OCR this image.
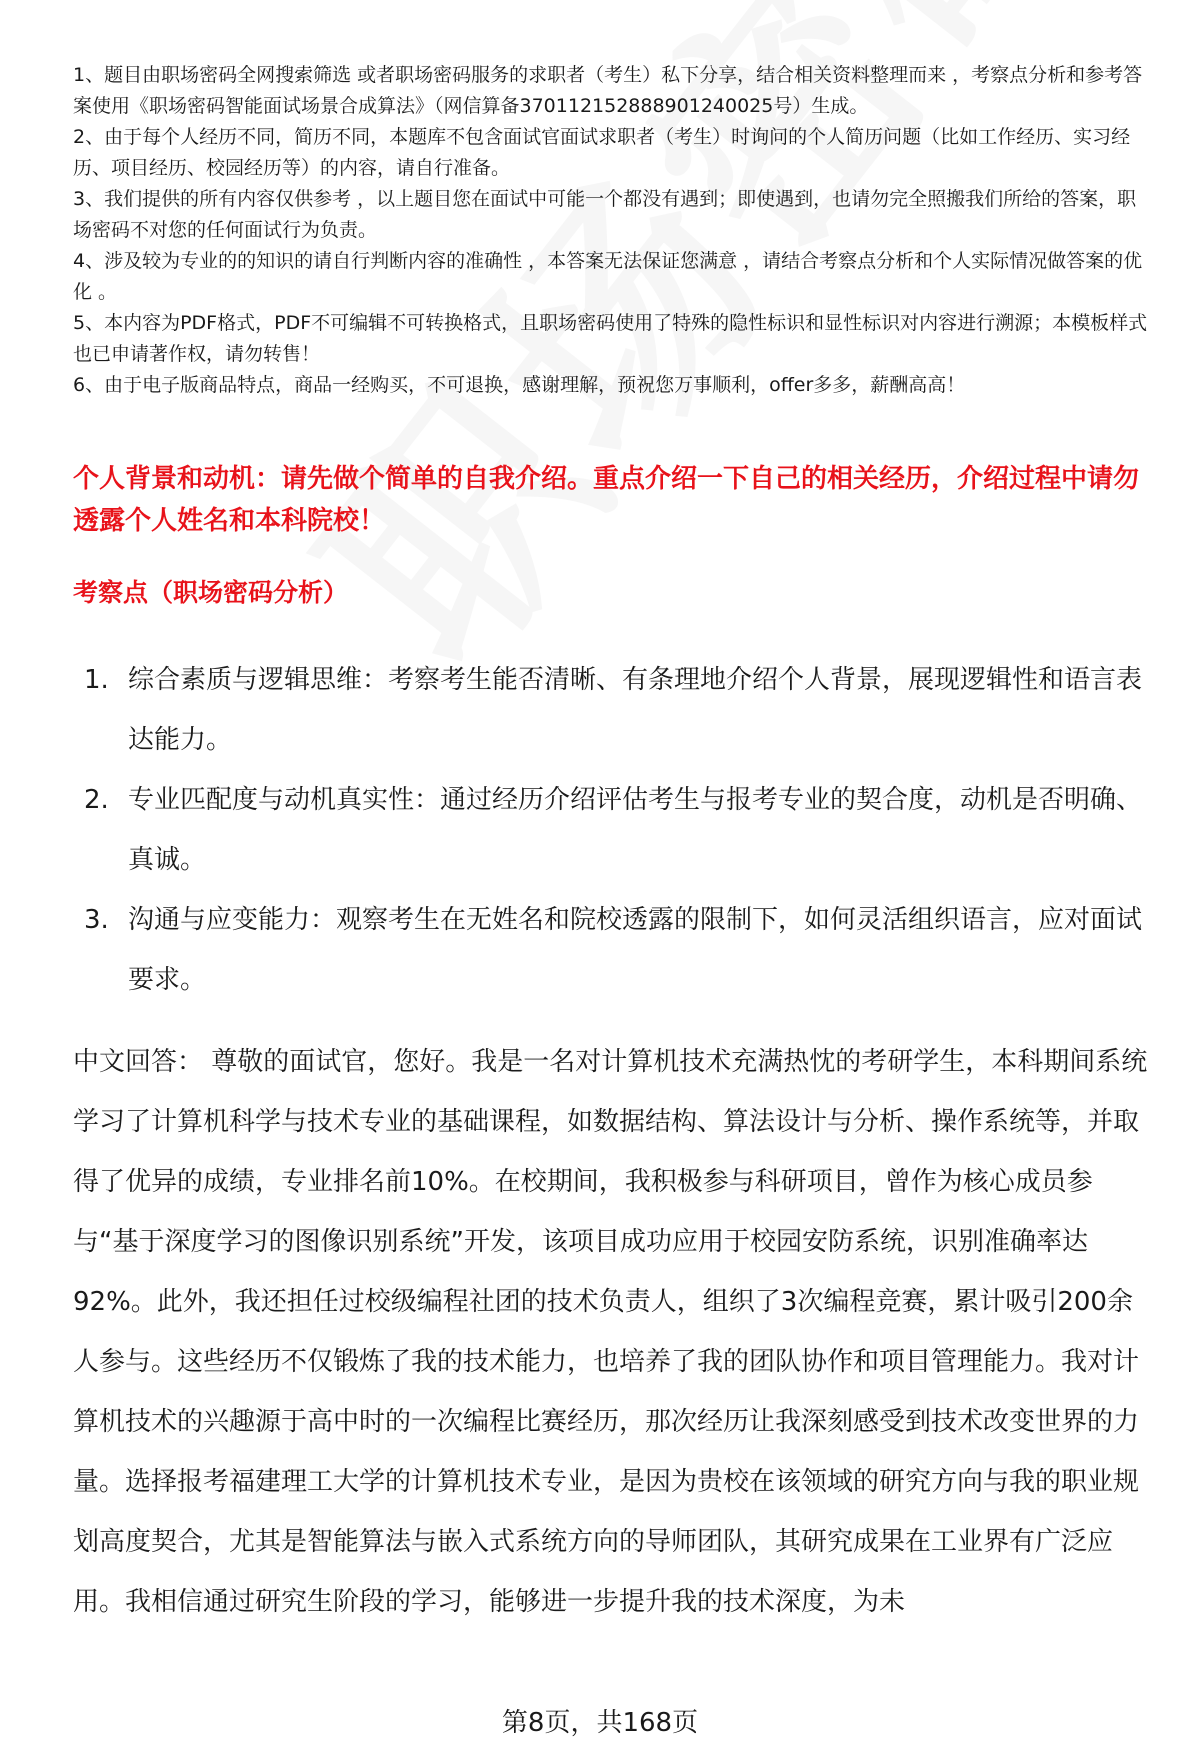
1、题目由职场密码全网搜索筛选 或者职场密码服务的求职者（考生）私下分享，结合相关资料整理而来 ，考察点分析和参考答案使用《职场密码智能面试场景合成算法》（网信算备370112152888901240025号）生成。

2、由于每个人经历不同，简历不同，本题库不包含面试官面试求职者（考生）时询问的个人简历问题（比如工作经历、实习经历、项目经历、校园经历等）的内容，请自行准备。

3、我们提供的所有内容仅供参考 ，以上题目您在面试中可能一个都没有遇到；即使遇到，也请勿完全照搬我们所给的答案，职场密码不对您的任何面试行为负责。

4、涉及较为专业的的知识的请自行判断内容的准确性 ，本答案无法保证您满意 ，请结合考察点分析和个人实际情况做答案的优化 。

5、本内容为PDF格式，PDF不可编辑不可转换格式，且职场密码使用了特殊的隐性标识和显性标识对内容进行溯源；本模板样式也已申请著作权，请勿转售！

6、由于电子版商品特点，商品一经购买，不可退换，感谢理解，预祝您万事顺利，offer多多，薪酬高高！

个人背景和动机：请先做个简单的自我介绍。重点介绍一下自己的相关经历，介绍过程中请勿透露个人姓名和本科院校！
考察点（职场密码分析）
1. 综合素质与逻辑思维：考察考生能否清晰、有条理地介绍个人背景，展现逻辑性和语言表达能力。
2. 专业匹配度与动机真实性：通过经历介绍评估考生与报考专业的契合度，动机是否明确、真诚。
3. 沟通与应变能力：观察考生在无姓名和院校透露的限制下，如何灵活组织语言，应对面试要求。
中文回答： 尊敬的面试官，您好。我是一名对计算机技术充满热忱的考研学生，本科期间系统学习了计算机科学与技术专业的基础课程，如数据结构、算法设计与分析、操作系统等，并取得了优异的成绩，专业排名前10%。在校期间，我积极参与科研项目，曾作为核心成员参与“基于深度学习的图像识别系统”开发，该项目成功应用于校园安防系统，识别准确率达92%。此外，我还担任过校级编程社团的技术负责人，组织了3次编程竞赛，累计吸引200余人参与。这些经历不仅锻炼了我的技术能力，也培养了我的团队协作和项目管理能力。我对计算机技术的兴趣源于高中时的一次编程比赛经历，那次经历让我深刻感受到技术改变世界的力量。选择报考福建理工大学的计算机技术专业，是因为贵校在该领域的研究方向与我的职业规划高度契合，尤其是智能算法与嵌入式系统方向的导师团队，其研究成果在工业界有广泛应用。我相信通过研究生阶段的学习，能够进一步提升我的技术深度，为未
第8页，共168页
